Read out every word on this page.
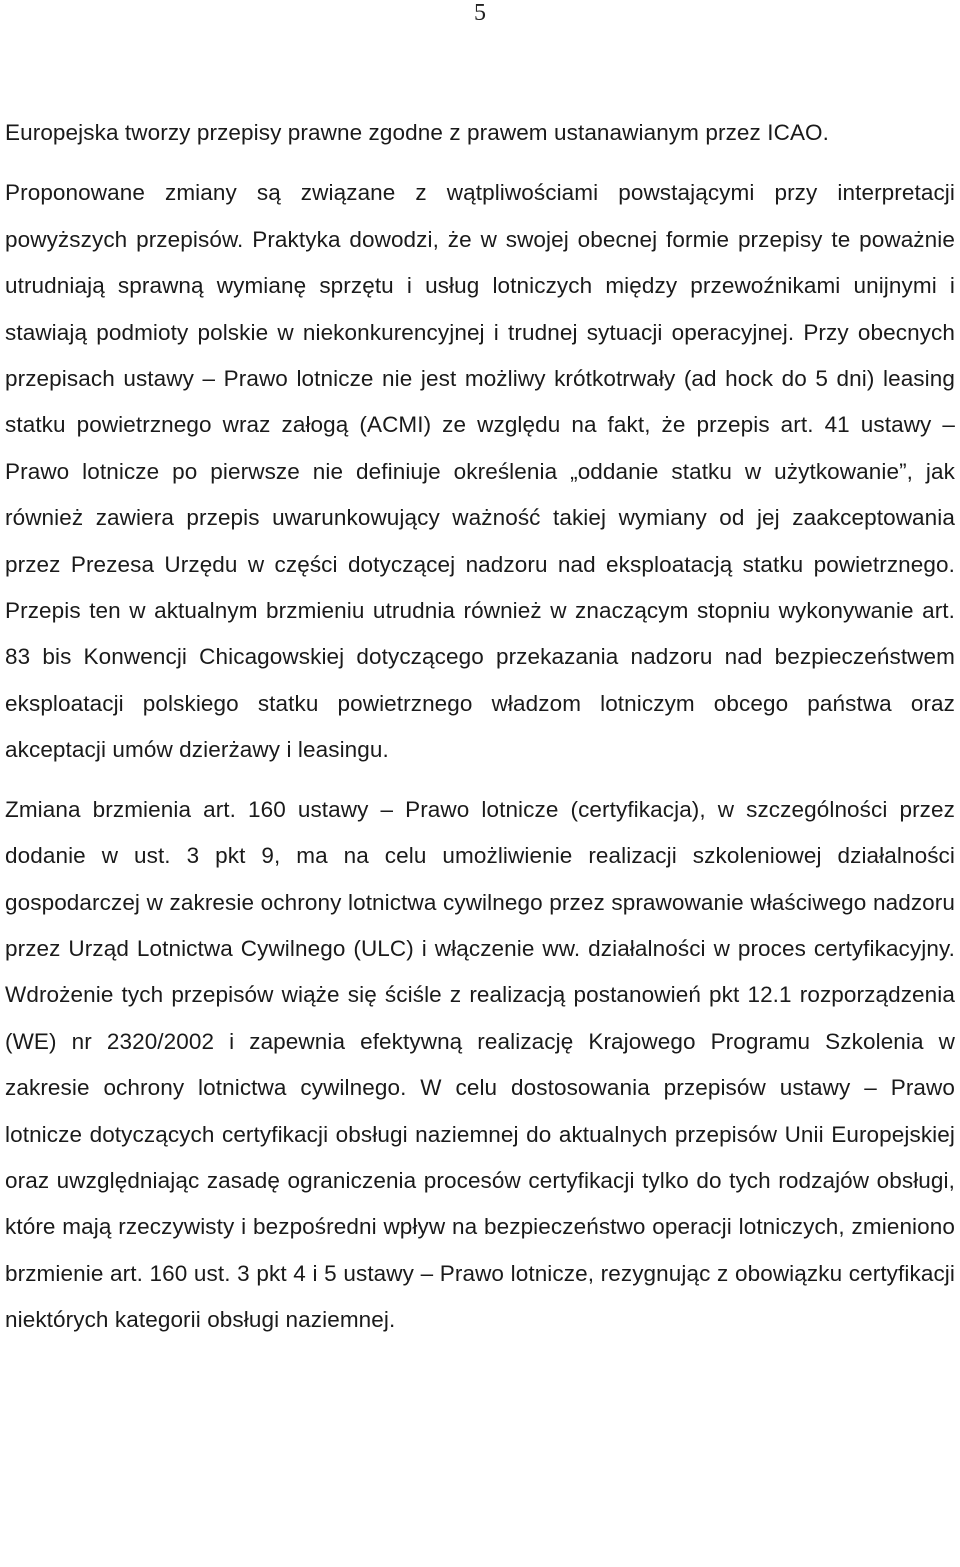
5

Europejska tworzy przepisy prawne zgodne z prawem ustanawianym przez ICAO.

Proponowane zmiany są związane z wątpliwościami powstającymi przy interpretacji powyższych przepisów. Praktyka dowodzi, że w swojej obecnej formie przepisy te poważnie utrudniają sprawną wymianę sprzętu i usług lotniczych między przewoźnikami unijnymi i stawiają podmioty polskie w niekonkurencyjnej i trudnej sytuacji operacyjnej. Przy obecnych przepisach ustawy – Prawo lotnicze nie jest możliwy krótkotrwały (ad hock do 5 dni) leasing statku powietrznego wraz załogą (ACMI) ze względu na fakt, że przepis art. 41 ustawy – Prawo lotnicze po pierwsze nie definiuje określenia „oddanie statku w użytkowanie”, jak również zawiera przepis uwarunkowujący ważność takiej wymiany od jej zaakceptowania przez Prezesa Urzędu w części dotyczącej nadzoru nad eksploatacją statku powietrznego. Przepis ten w aktualnym brzmieniu utrudnia również w znaczącym stopniu wykonywanie art. 83 bis Konwencji Chicagowskiej dotyczącego przekazania nadzoru nad bezpieczeństwem eksploatacji polskiego statku powietrznego władzom lotniczym obcego państwa oraz akceptacji umów dzierżawy i leasingu.

Zmiana brzmienia art. 160 ustawy – Prawo lotnicze (certyfikacja), w szczególności przez dodanie w ust. 3 pkt 9, ma na celu umożliwienie realizacji szkoleniowej działalności gospodarczej w zakresie ochrony lotnictwa cywilnego przez sprawowanie właściwego nadzoru przez Urząd Lotnictwa Cywilnego (ULC) i włączenie ww. działalności w proces certyfikacyjny. Wdrożenie tych przepisów wiąże się ściśle z realizacją postanowień pkt 12.1 rozporządzenia (WE) nr 2320/2002 i zapewnia efektywną realizację Krajowego Programu Szkolenia w zakresie ochrony lotnictwa cywilnego. W celu dostosowania przepisów ustawy – Prawo lotnicze dotyczących certyfikacji obsługi naziemnej do aktualnych przepisów Unii Europejskiej oraz uwzględniając zasadę ograniczenia procesów certyfikacji tylko do tych rodzajów obsługi, które mają rzeczywisty i bezpośredni wpływ na bezpieczeństwo operacji lotniczych, zmieniono brzmienie art. 160 ust. 3 pkt 4 i 5 ustawy – Prawo lotnicze, rezygnując z obowiązku certyfikacji niektórych kategorii obsługi naziemnej.
